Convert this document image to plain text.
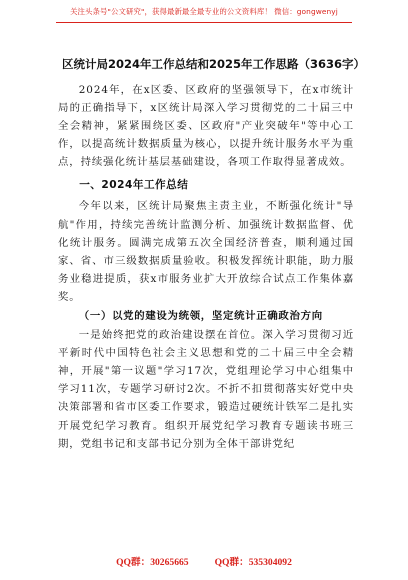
关注头条号"公文研究"，获得最新最全最专业的公文资料库！ 微信：gongwenyj
区统计局2024年工作总结和2025年工作思路（3636字）

2024年，在x区委、区政府的坚强领导下，在x市统计局的正确指导下，x区统计局深入学习贯彻党的二十届三中全会精神，紧紧围绕区委、区政府"产业突破年"等中心工作，以提高统计数据质量为核心，以提升统计服务水平为重点，持续强化统计基层基础建设，各项工作取得显著成效。

一、2024年工作总结

今年以来，区统计局聚焦主责主业，不断强化统计"导航"作用，持续完善统计监测分析、加强统计数据监督、优化统计服务。圆满完成第五次全国经济普查，顺利通过国家、省、市三级数据质量验收。积极发挥统计职能，助力服务业稳进提质，获x市服务业扩大开放综合试点工作集体嘉奖。

（一）以党的建设为统领，坚定统计正确政治方向

一是始终把党的政治建设摆在首位。深入学习贯彻习近平新时代中国特色社会主义思想和党的二十届三中全会精神，开展"第一议题"学习17次，党组理论学习中心组集中学习11次，专题学习研讨2次。不折不扣贯彻落实好党中央决策部署和省市区委工作要求，锻造过硬统计铁军二是扎实开展党纪学习教育。组织开展党纪学习教育专题读书班三期，党组书记和支部书记分别为全体干部讲党纪

QQ群：30265665	QQ群：535304092
